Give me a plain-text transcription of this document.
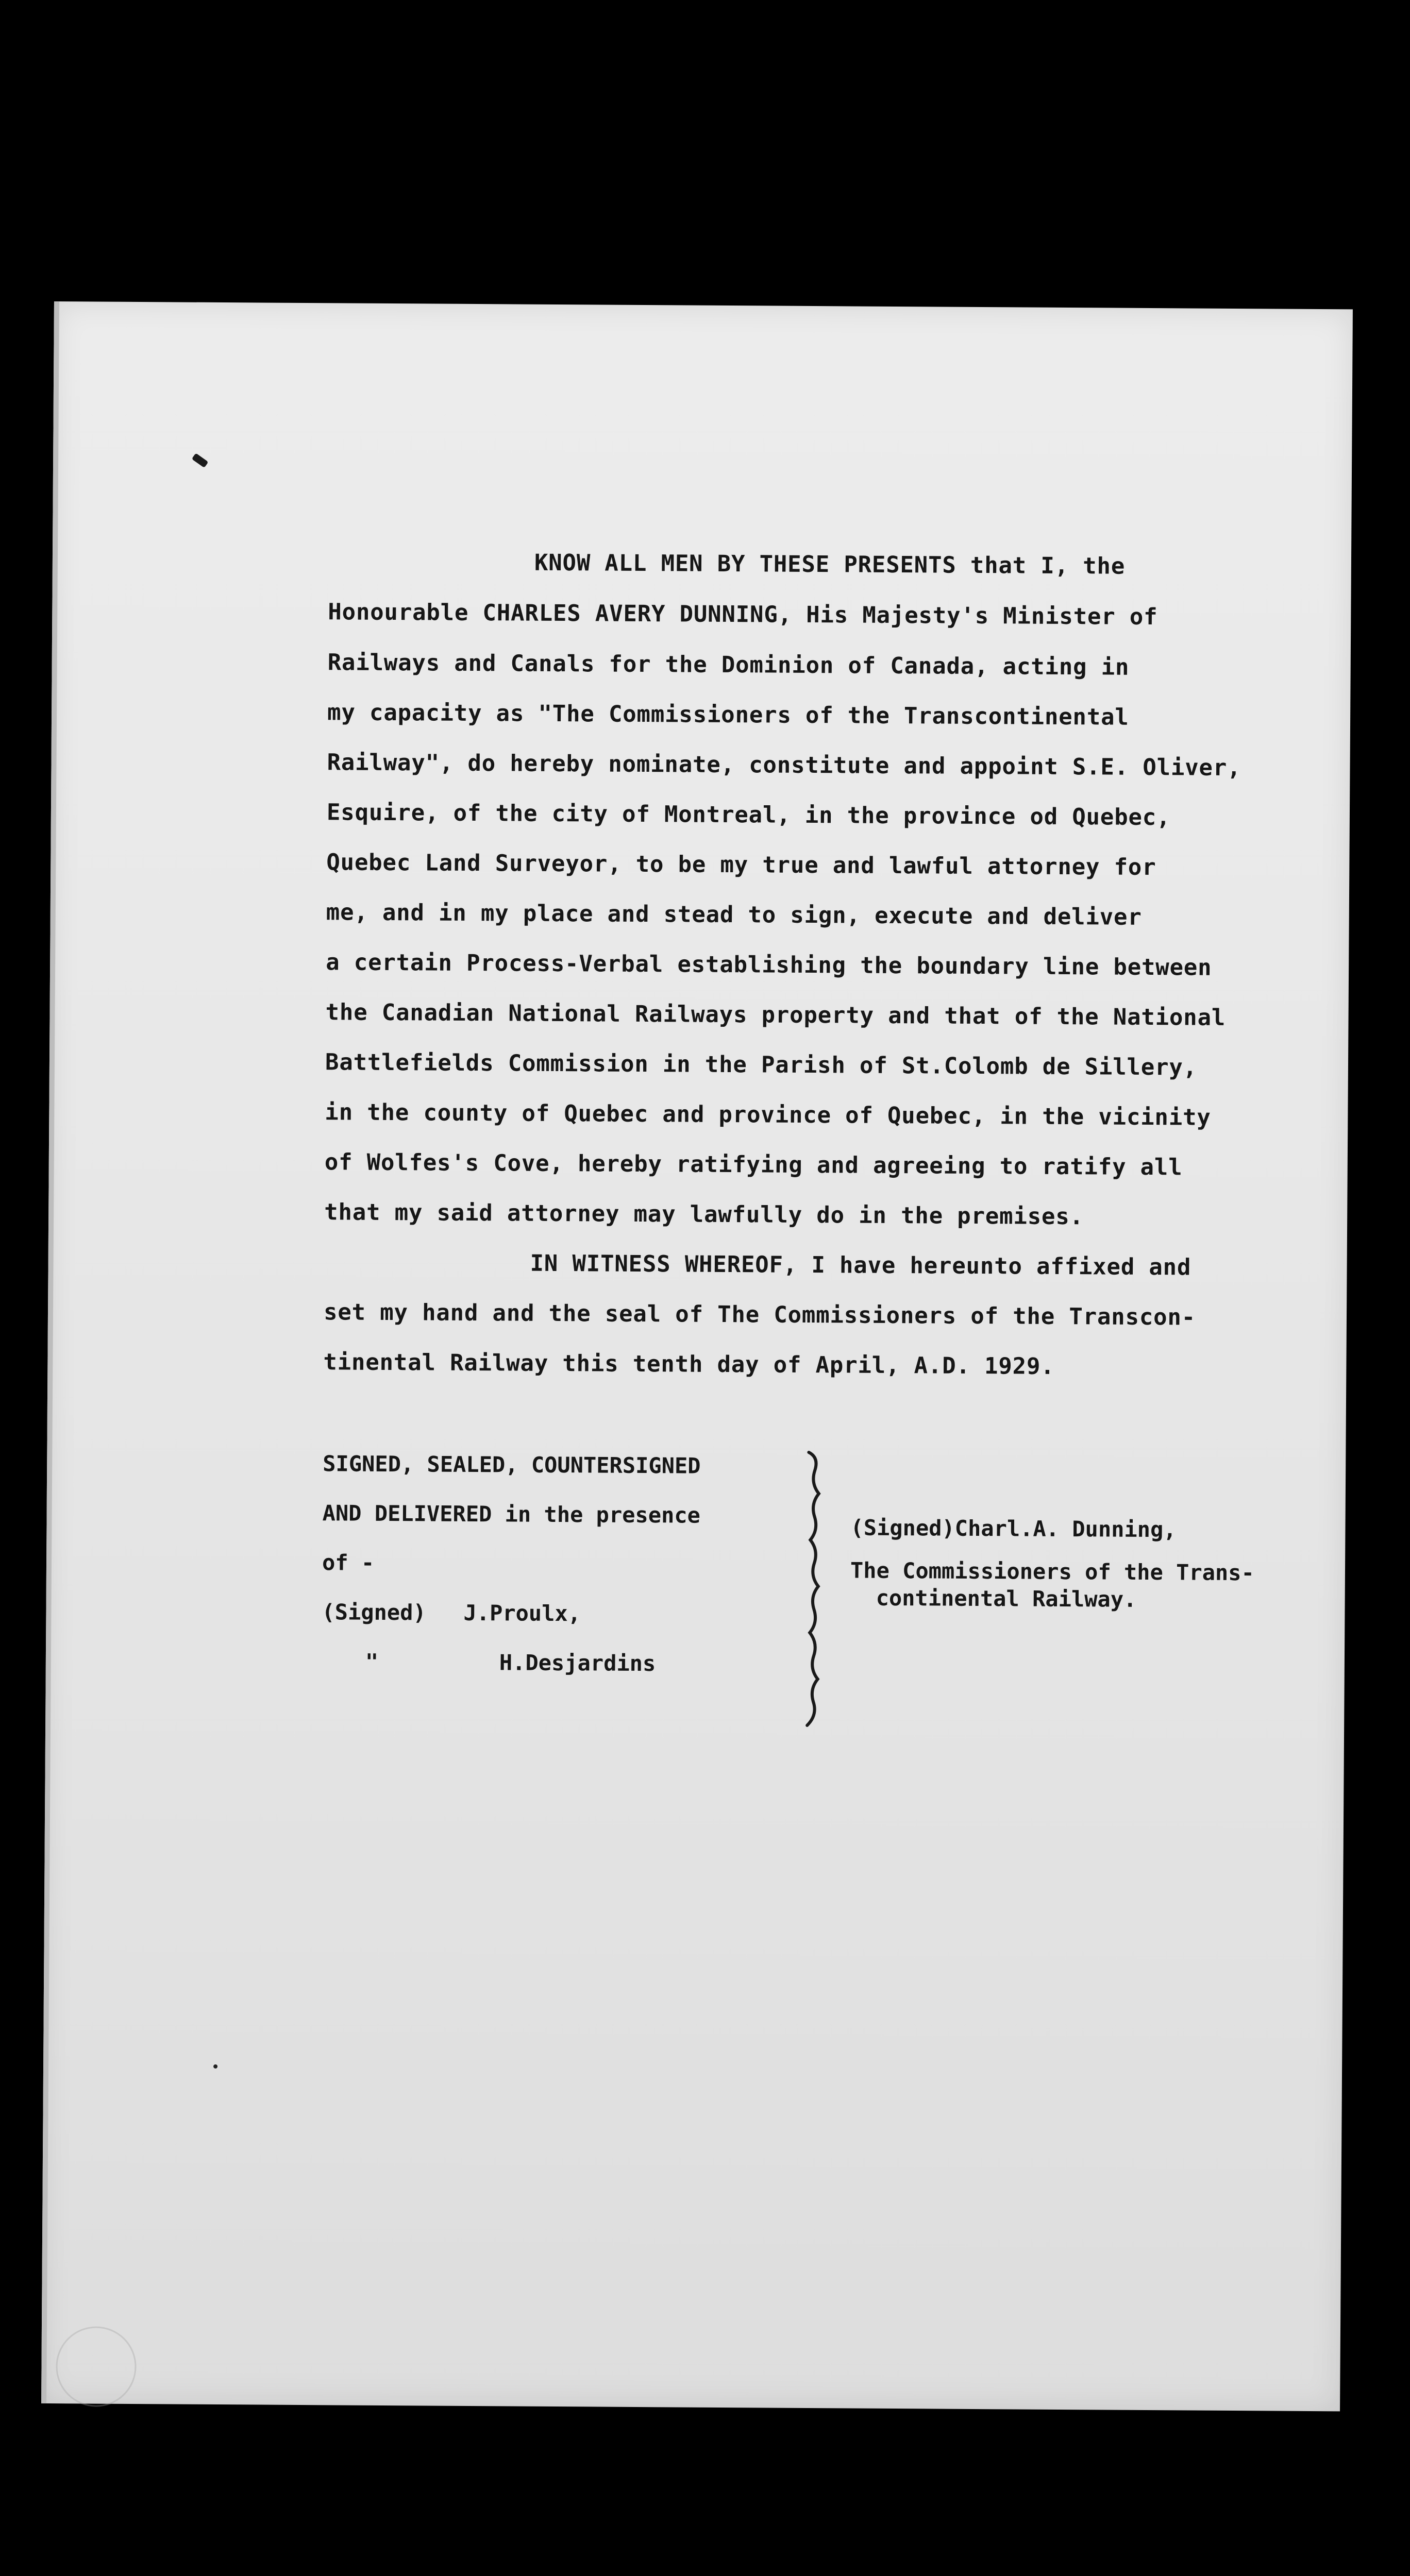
KNOW ALL MEN BY THESE PRESENTS that I, the
Honourable CHARLES AVERY DUNNING, His Majesty's Minister of
Railways and Canals for the Dominion of Canada, acting in
my capacity as "The Commissioners of the Transcontinental
Railway", do hereby nominate, constitute and appoint S.E. Oliver,
Esquire, of the city of Montreal, in the province od Quebec,
Quebec Land Surveyor, to be my true and lawful attorney for
me, and in my place and stead to sign, execute and deliver
a certain Process-Verbal establishing the boundary line between
the Canadian National Railways property and that of the National
Battlefields Commission in the Parish of St.Colomb de Sillery,
in the county of Quebec and province of Quebec, in the vicinity
of Wolfes's Cove, hereby ratifying and agreeing to ratify all
that my said attorney may lawfully do in the premises.
IN WITNESS WHEREOF, I have hereunto affixed and
set my hand and the seal of The Commissioners of the Transcon-
tinental Railway this tenth day of April, A.D. 1929.
SIGNED, SEALED, COUNTERSIGNED
AND DELIVERED in the presence
of -
(Signed) J.Proulx,
"	H.Desjardins
(Signed)Charl.A. Dunning,
The Commissioners of the Trans-
continental Railway.
